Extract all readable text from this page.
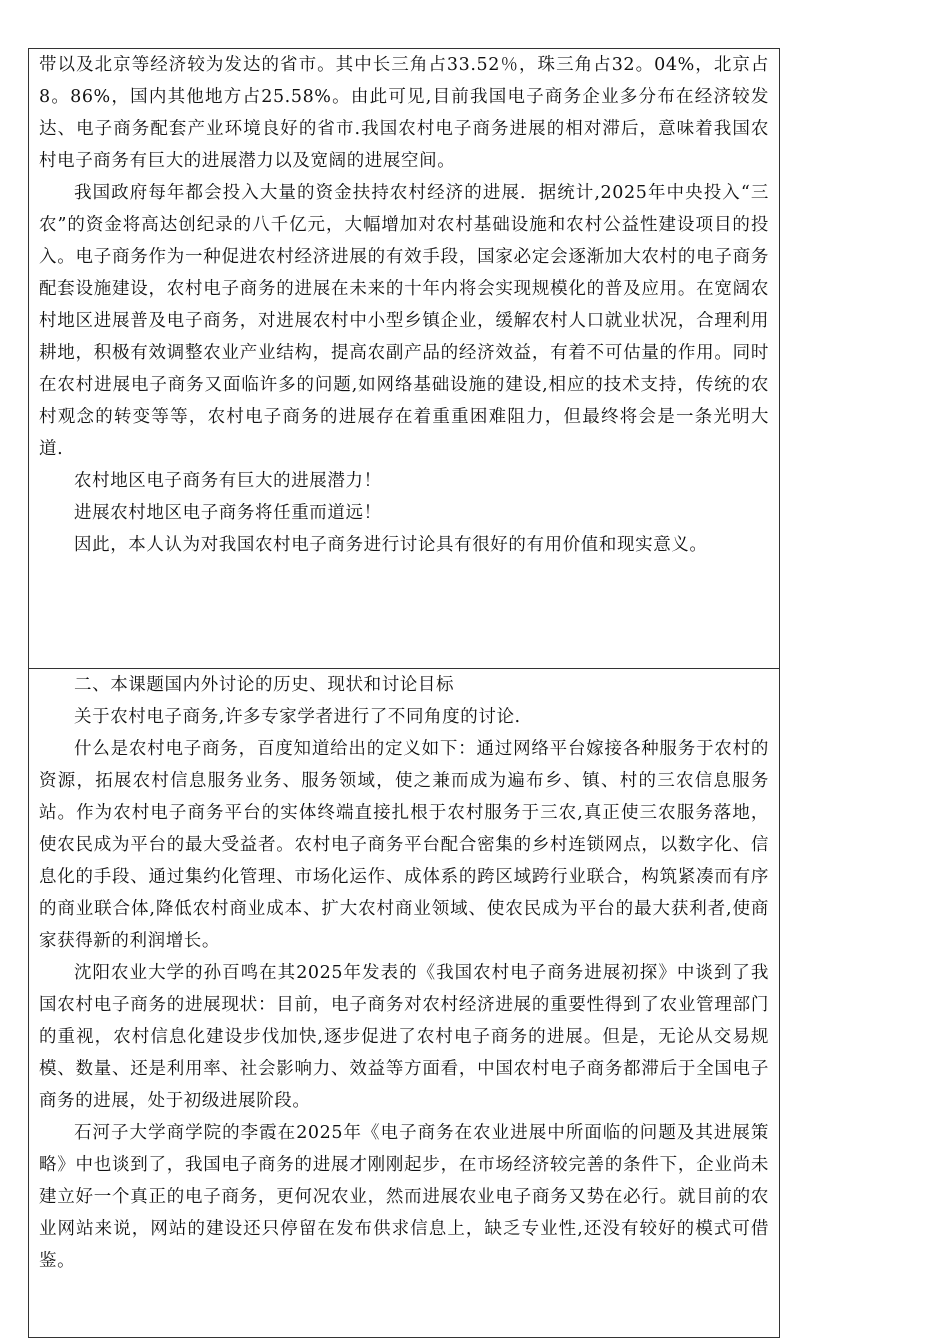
带以及北京等经济较为发达的省市。其中长三角占33.52％，珠三角占32。04%，北京占8。86%，国内其他地方占25.58%。由此可见,目前我国电子商务企业多分布在经济较发达、电子商务配套产业环境良好的省市.我国农村电子商务进展的相对滞后，意味着我国农村电子商务有巨大的进展潜力以及宽阔的进展空间。

我国政府每年都会投入大量的资金扶持农村经济的进展．据统计,2025年中央投入“三农”的资金将高达创纪录的八千亿元，大幅增加对农村基础设施和农村公益性建设项目的投入。电子商务作为一种促进农村经济进展的有效手段，国家必定会逐渐加大农村的电子商务配套设施建设，农村电子商务的进展在未来的十年内将会实现规模化的普及应用。在宽阔农村地区进展普及电子商务，对进展农村中小型乡镇企业，缓解农村人口就业状况，合理利用耕地，积极有效调整农业产业结构，提高农副产品的经济效益，有着不可估量的作用。同时在农村进展电子商务又面临许多的问题,如网络基础设施的建设,相应的技术支持，传统的农村观念的转变等等，农村电子商务的进展存在着重重困难阻力，但最终将会是一条光明大道.

农村地区电子商务有巨大的进展潜力！

进展农村地区电子商务将任重而道远！

因此，本人认为对我国农村电子商务进行讨论具有很好的有用价值和现实意义。

二、本课题国内外讨论的历史、现状和讨论目标

关于农村电子商务,许多专家学者进行了不同角度的讨论.

什么是农村电子商务，百度知道给出的定义如下：通过网络平台嫁接各种服务于农村的资源，拓展农村信息服务业务、服务领域，使之兼而成为遍布乡、镇、村的三农信息服务站。作为农村电子商务平台的实体终端直接扎根于农村服务于三农,真正使三农服务落地，使农民成为平台的最大受益者。农村电子商务平台配合密集的乡村连锁网点，以数字化、信息化的手段、通过集约化管理、市场化运作、成体系的跨区域跨行业联合，构筑紧凑而有序的商业联合体,降低农村商业成本、扩大农村商业领域、使农民成为平台的最大获利者,使商家获得新的利润增长。

沈阳农业大学的孙百鸣在其2025年发表的《我国农村电子商务进展初探》中谈到了我国农村电子商务的进展现状：目前，电子商务对农村经济进展的重要性得到了农业管理部门的重视，农村信息化建设步伐加快,逐步促进了农村电子商务的进展。但是，无论从交易规模、数量、还是利用率、社会影响力、效益等方面看，中国农村电子商务都滞后于全国电子商务的进展，处于初级进展阶段。

石河子大学商学院的李霞在2025年《电子商务在农业进展中所面临的问题及其进展策略》中也谈到了，我国电子商务的进展才刚刚起步，在市场经济较完善的条件下，企业尚未建立好一个真正的电子商务，更何况农业，然而进展农业电子商务又势在必行。就目前的农业网站来说，网站的建设还只停留在发布供求信息上，缺乏专业性,还没有较好的模式可借鉴。
